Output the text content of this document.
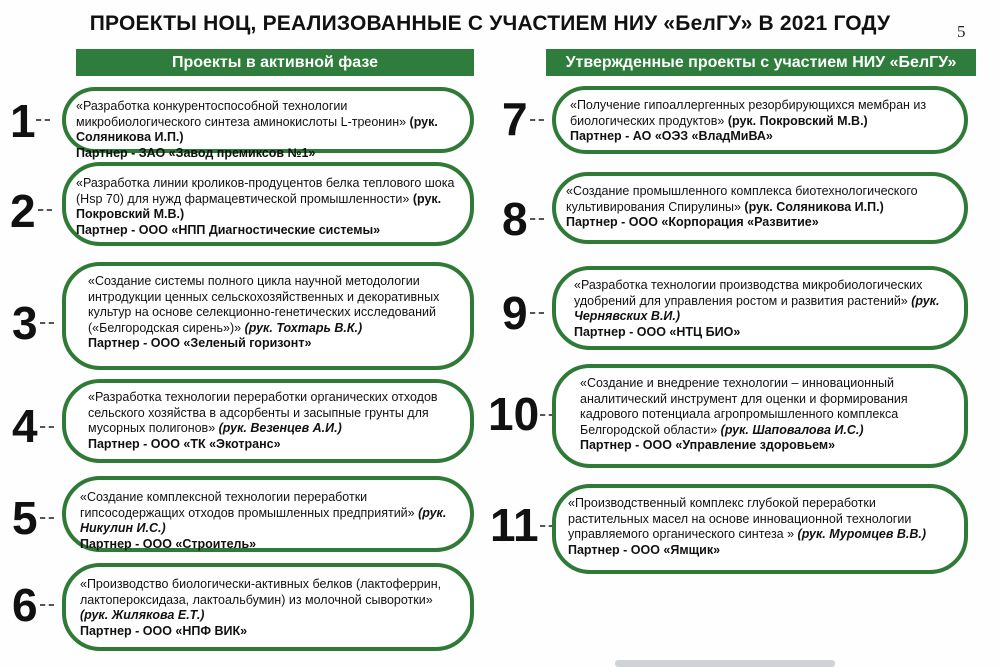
ПРОЕКТЫ НОЦ, РЕАЛИЗОВАННЫЕ С УЧАСТИЕМ НИУ «БелГУ» В 2021 ГОДУ	5
Проекты в активной фазе	Утвержденные проекты с участием НИУ «БелГУ»
1	«Разработка конкурентоспособной технологии микробиологического синтеза аминокислоты L-треонин» (рук. Соляникова И.П.)
Партнер - ЗАО «Завод премиксов №1»
2
«Разработка линии кроликов-продуцентов белка теплового шока (Hsp 70) для нужд фармацевтической промышленности» (рук. Покровский М.В.)
Партнер - ООО «НПП Диагностические системы»
3
«Создание системы полного цикла научной методологии интродукции ценных сельскохозяйственных и декоративных культур на основе селекционно-генетических исследований («Белгородская сирень»)» (рук. Тохтарь В.К.)
Партнер - ООО «Зеленый горизонт»
4
«Разработка технологии переработки органических отходов сельского хозяйства в адсорбенты и засыпные грунты для мусорных полигонов» (рук. Везенцев А.И.)
Партнер - ООО «ТК «Экотранс»
5	«Создание комплексной технологии переработки гипсосодержащих отходов промышленных предприятий» (рук. Никулин И.С.)
Партнер - ООО «Строитель»
6	«Производство биологически-активных белков (лактоферрин, лактопероксидаза, лактоальбумин) из молочной сыворотки» (рук. Жилякова Е.Т.)
Партнер - ООО «НПФ ВИК»
7	«Получение гипоаллергенных резорбирующихся мембран из биологических продуктов» (рук. Покровский М.В.)
Партнер - АО «ОЭЗ «ВладМиВА»
8
«Создание промышленного комплекса биотехнологического культивирования Спирулины» (рук. Соляникова И.П.)
Партнер - ООО «Корпорация «Развитие»
9
«Разработка технологии производства микробиологических удобрений для управления ростом и развития растений» (рук. Чернявских В.И.)
Партнер - ООО «НТЦ БИО»
10
«Создание и внедрение технологии – инновационный аналитический инструмент для оценки и формирования кадрового потенциала агропромышленного комплекса Белгородской области» (рук. Шаповалова И.С.)
Партнер - ООО «Управление здоровьем»
11	«Производственный комплекс глубокой переработки растительных масел на основе инновационной технологии управляемого органического синтеза » (рук. Муромцев В.В.)
Партнер - ООО «Ямщик»
